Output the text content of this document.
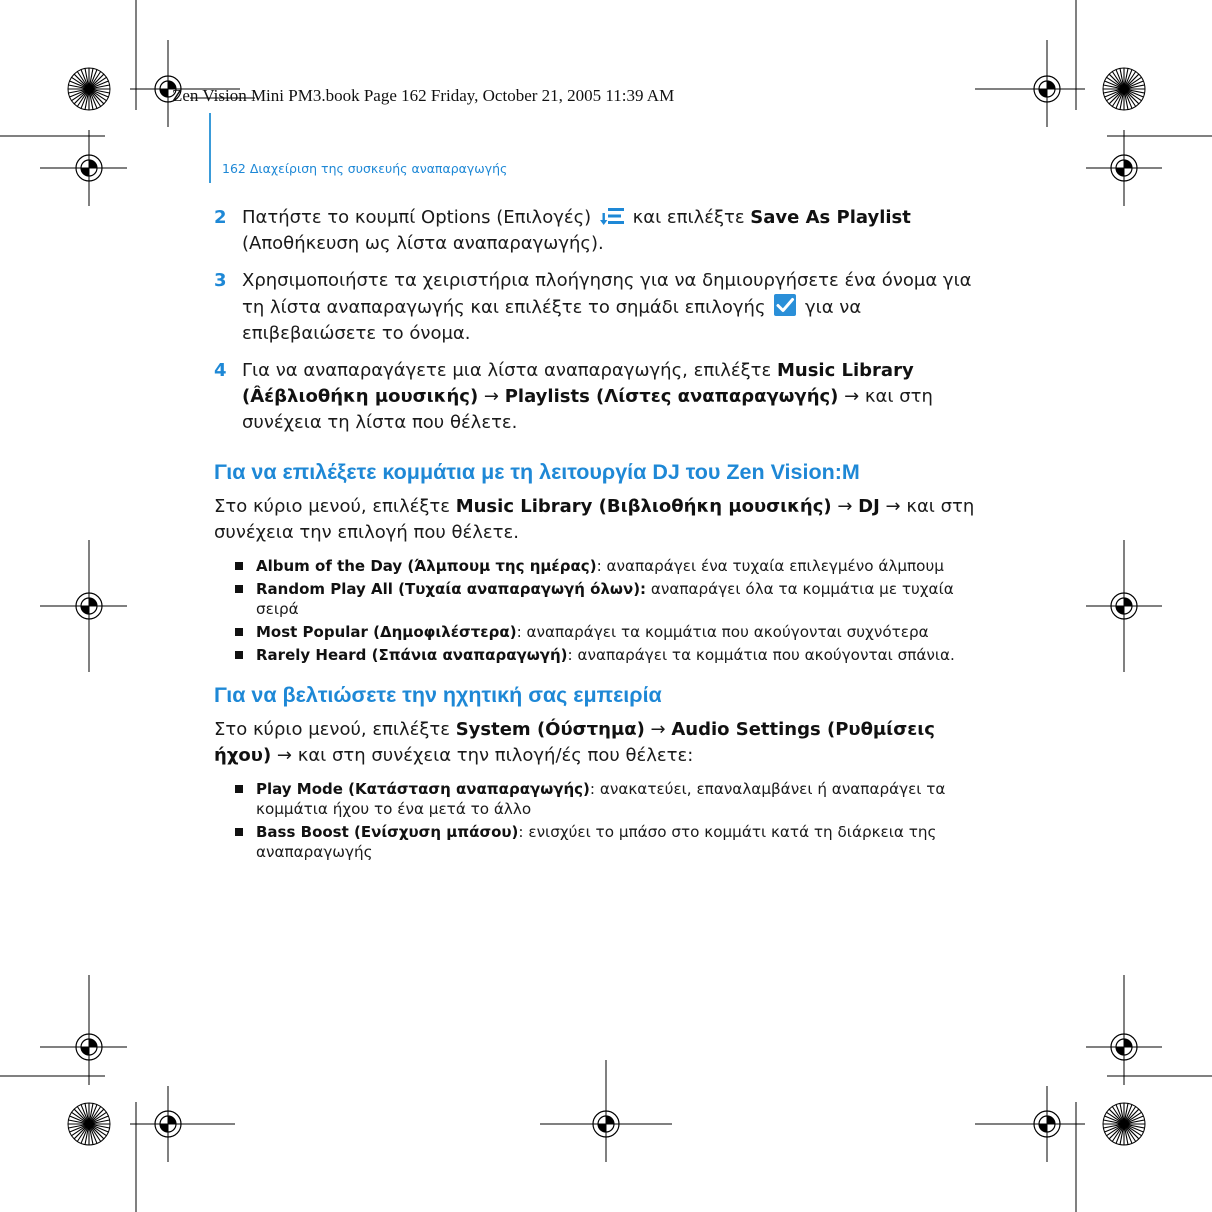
Zen Vision Mini PM3.book Page 162 Friday, October 21, 2005 11:39 AM
162 Διαχείριση της συσκευής αναπαραγωγής
2 Πατήστε το κουμπί Options (Επιλογές)  και επιλέξτε Save As Playlist (Αποθήκευση ως λίστα αναπαραγωγής).
3 Χρησιμοποιήστε τα χειριστήρια πλοήγησης για να δημιουργήσετε ένα όνομα για τη λίστα αναπαραγωγής και επιλέξτε το σημάδι επιλογής  για να επιβεβαιώσετε το όνομα.
4 Για να αναπαραγάγετε μια λίστα αναπαραγωγής, επιλέξτε Music Library (Âέβλιοθήκη μουσικής) → Playlists (Λίστες αναπαραγωγής) → και στη συνέχεια τη λίστα που θέλετε.
Για να επιλέξετε κομμάτια με τη λειτουργία DJ του Zen Vision:M
Στο κύριο μενού, επιλέξτε Music Library (Βιβλιοθήκη μουσικής) → DJ → και στη συνέχεια την επιλογή που θέλετε.
Album of the Day (Άλμπουμ της ημέρας): αναπαράγει ένα τυχαία επιλεγμένο άλμπουμ
Random Play All (Τυχαία αναπαραγωγή όλων): αναπαράγει όλα τα κομμάτια με τυχαία σειρά
Most Popular (Δημοφιλέστερα): αναπαράγει τα κομμάτια που ακούγονται συχνότερα
Rarely Heard (Σπάνια αναπαραγωγή): αναπαράγει τα κομμάτια που ακούγονται σπάνια.
Για να βελτιώσετε την ηχητική σας εμπειρία
Στο κύριο μενού, επιλέξτε System (Óύστημα) → Audio Settings (Ρυθμίσεις ήχου) → και στη συνέχεια την πιλογή/ές που θέλετε:
Play Mode (Κατάσταση αναπαραγωγής): ανακατεύει, επαναλαμβάνει ή αναπαράγει τα κομμάτια ήχου το ένα μετά το άλλο
Bass Boost (Ενίσχυση μπάσου): ενισχύει το μπάσο στο κομμάτι κατά τη διάρκεια της αναπαραγωγής
